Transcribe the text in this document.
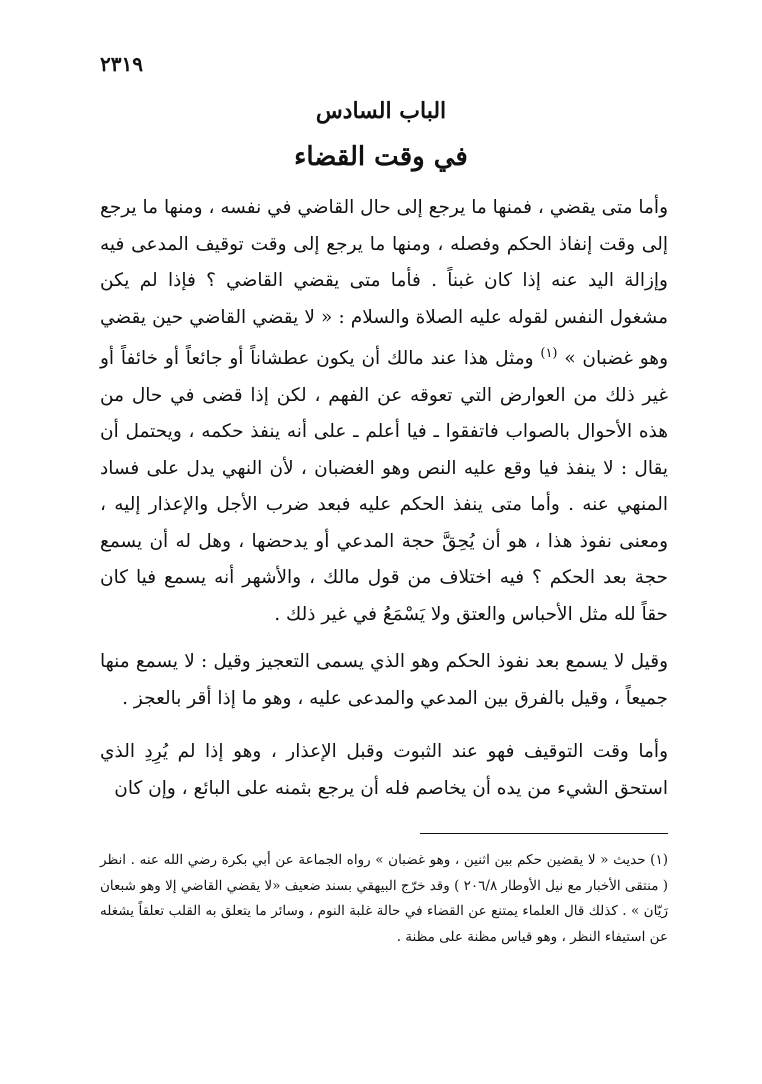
٢٣١٩
الباب السادس
في وقت القضاء

وأما متى يقضي ، فمنها ما يرجع إلى حال القاضي في نفسه ، ومنها ما يرجع إلى وقت إنفاذ الحكم وفصله ، ومنها ما يرجع إلى وقت توقيف المدعى فيه وإزالة اليد عنه إذا كان غبناً . فأما متى يقضي القاضي ؟ فإذا لم يكن مشغول النفس لقوله عليه الصلاة والسلام : « لا يقضي القاضي حين يقضي وهو غضبان » $^{(١)}$ ومثل هذا عند مالك أن يكون عطشاناً أو جائعاً أو خائفاً أو غير ذلك من العوارض التي تعوقه عن الفهم ، لكن إذا قضى في حال من هذه الأحوال بالصواب فاتفقوا ـ فيا أعلم ـ على أنه ينفذ حكمه ، ويحتمل أن يقال : لا ينفذ فيا وقع عليه النص وهو الغضبان ، لأن النهي يدل على فساد المنهي عنه . وأما متى ينفذ الحكم عليه فبعد ضرب الأجل والإعذار إليه ، ومعنى نفوذ هذا ، هو أن يُحِقَّ حجة المدعي أو يدحضها ، وهل له أن يسمع حجة بعد الحكم ؟ فيه اختلاف من قول مالك ، والأشهر أنه يسمع فيا كان حقاً لله مثل الأحباس والعتق ولا يَسْمَعُ في غير ذلك .

وقيل لا يسمع بعد نفوذ الحكم وهو الذي يسمى التعجيز وقيل : لا يسمع منها جميعاً ، وقيل بالفرق بين المدعي والمدعى عليه ، وهو ما إذا أقر بالعجز .

وأما وقت التوقيف فهو عند الثبوت وقبل الإعذار ، وهو إذا لم يُرِدِ الذي استحق الشيء من يده أن يخاصم فله أن يرجع بثمنه على البائع ، وإن كان

(١) حديث « لا يقضين حكم بين اثنين ، وهو غضبان » رواه الجماعة عن أبي بكرة رضي الله عنه . انظر ( منتقى الأخبار مع نيل الأوطار ٢٠٦/٨ ) وقد خرّج البيهقي بسند ضعيف «لا يقضي القاضي إلا وهو شبعان رَيّان » . كذلك قال العلماء يمتنع عن القضاء في حالة غلبة النوم ، وسائر ما يتعلق به القلب تعلقاً يشغله عن استيفاء النظر ، وهو قياس مظنة على مظنة .
